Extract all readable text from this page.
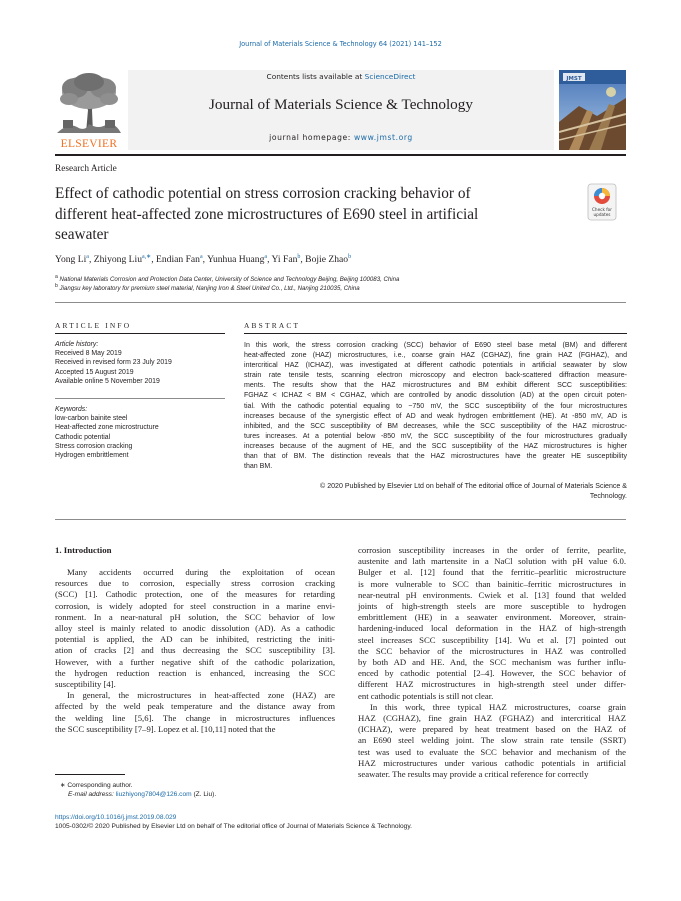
Journal of Materials Science & Technology 64 (2021) 141–152
ELSEVIER
Contents lists available at ScienceDirect
Journal of Materials Science & Technology
journal homepage: www.jmst.org
JMST
Research Article
Effect of cathodic potential on stress corrosion cracking behavior of
different heat-affected zone microstructures of E690 steel in artificial
seawater
Check for
updates
Yong Li$^a$, Zhiyong Liu$^{a,∗}$, Endian Fan$^a$, Yunhua Huang$^a$, Yi Fan$^b$, Bojie Zhao$^b$
$^a$ National Materials Corrosion and Protection Data Center, University of Science and Technology Beijing, Beijing 100083, China
$^b$ Jiangsu key laboratory for premium steel material, Nanjing Iron & Steel United Co., Ltd., Nanjing 210035, China
ARTICLE INFO	ABSTRACT
Article history:
Received 8 May 2019
Received in revised form 23 July 2019
Accepted 15 August 2019
Available online 5 November 2019
Keywords:
low-carbon bainite steel
Heat-affected zone microstructure
Cathodic potential
Stress corrosion cracking
Hydrogen embrittlement
In this work, the stress corrosion cracking (SCC) behavior of E690 steel base metal (BM) and different
heat-affected zone (HAZ) microstructures, i.e., coarse grain HAZ (CGHAZ), fine grain HAZ (FGHAZ), and
intercritical HAZ (ICHAZ), was investigated at different cathodic potentials in artificial seawater by slow
strain rate tensile tests, scanning electron microscopy and electron back-scattered diffraction measure-
ments. The results show that the HAZ microstructures and BM exhibit different SCC susceptibilities:
FGHAZ < ICHAZ < BM < CGHAZ, which are controlled by anodic dissolution (AD) at the open circuit poten-
tial. With the cathodic potential equaling to −750 mV, the SCC susceptibility of the four microstructures
increases because of the synergistic effect of AD and weak hydrogen embrittlement (HE). At -850 mV, AD is
inhibited, and the SCC susceptibility of BM decreases, while the SCC susceptibility of the HAZ microstruc-
tures increases. At a potential below -850 mV, the SCC susceptibility of the four microstructures gradually
increases because of the augment of HE, and the SCC susceptibility of the HAZ microstructures is higher
than that of BM. The distinction reveals that the HAZ microstructures have the greater HE susceptibility
than BM.
© 2020 Published by Elsevier Ltd on behalf of The editorial office of Journal of Materials Science &
Technology.
1. Introduction
Many accidents occurred during the exploitation of ocean
resources due to corrosion, especially stress corrosion cracking
(SCC) [1]. Cathodic protection, one of the measures for retarding
corrosion, is widely adopted for steel construction in a marine envi-
ronment. In a near-natural pH solution, the SCC behavior of low
alloy steel is mainly related to anodic dissolution (AD). As a cathodic
potential is applied, the AD can be inhibited, restricting the initi-
ation of cracks [2] and thus decreasing the SCC susceptibility [3].
However, with a further negative shift of the cathodic polarization,
the hydrogen reduction reaction is enhanced, increasing the SCC
susceptibility [4].
In general, the microstructures in heat-affected zone (HAZ) are
affected by the weld peak temperature and the distance away from
the welding line [5,6]. The change in microstructures influences
the SCC susceptibility [7–9]. Lopez et al. [10,11] noted that the
corrosion susceptibility increases in the order of ferrite, pearlite,
austenite and lath martensite in a NaCl solution with pH value 6.0.
Bulger et al. [12] found that the ferritic–pearlitic microstructure
is more vulnerable to SCC than bainitic–ferritic microstructures in
near-neutral pH environments. Cwiek et al. [13] found that welded
joints of high-strength steels are more susceptible to hydrogen
embrittlement (HE) in a seawater environment. Moreover, strain-
hardening-induced local deformation in the HAZ of high-strength
steel increases SCC susceptibility [14]. Wu et al. [7] pointed out
the SCC behavior of the microstructures in HAZ was controlled
by both AD and HE. And, the SCC mechanism was further influ-
enced by cathodic potential [2–4]. However, the SCC behavior of
different HAZ microstructures in high-strength steel under differ-
ent cathodic potentials is still not clear.
In this work, three typical HAZ microstructures, coarse grain
HAZ (CGHAZ), fine grain HAZ (FGHAZ) and intercritical HAZ
(ICHAZ), were prepared by heat treatment based on the HAZ of
an E690 steel welding joint. The slow strain rate tensile (SSRT)
test was used to evaluate the SCC behavior and mechanism of the
HAZ microstructures under various cathodic potentials in artificial
seawater. The results may provide a critical reference for correctly
∗ Corresponding author.
E-mail address: liuzhiyong7804@126.com (Z. Liu).
https://doi.org/10.1016/j.jmst.2019.08.029
1005-0302/© 2020 Published by Elsevier Ltd on behalf of The editorial office of Journal of Materials Science & Technology.
